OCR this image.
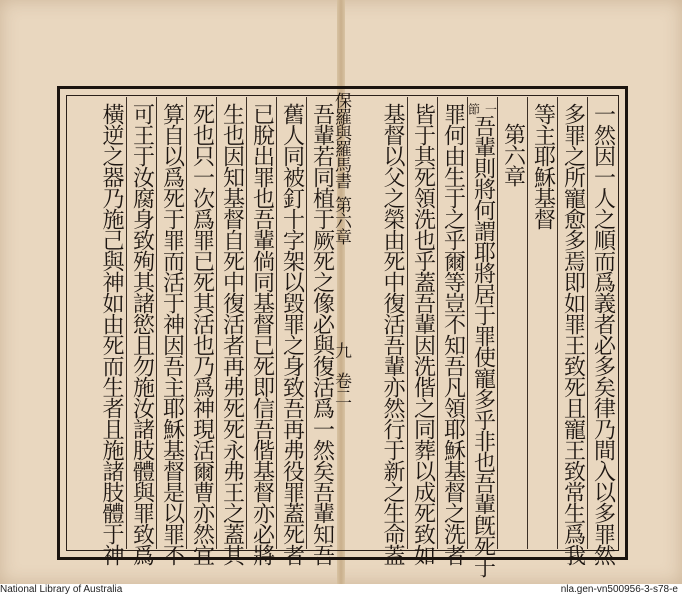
一然因一人之順而爲義者必多矣律乃間入以多罪然
多罪之所寵愈多焉即如罪王致死且寵王致常生爲我
等主耶穌基督
第六章
一節
吾輩則將何謂耶將居于罪使寵多乎非也吾輩旣死于
罪何由生于之乎爾等豈不知吾凡領耶穌基督之洗者
皆于其死領洗也乎蓋吾輩因洗偕之同葬以成死致如
基督以父之榮由死中復活吾輩亦然行于新之生命蓋
吾輩若同植于厥死之像必與復活爲一然矣吾輩知吾
舊人同被釘十字架以毀罪之身致吾再弗役罪蓋死者
已脫出罪也吾輩倘同基督已死即信吾偕基督亦必將
生也因知基督自死中復活者再弗死死永弗王之蓋其
死也只一次爲罪已死其活也乃爲神現活爾曹亦然宜
算自以爲死于罪而活于神因吾主耶穌基督是以罪不
可王于汝腐身致殉其諸慾且勿施汝諸肢體與罪致爲
橫逆之器乃施己與神如由死而生者且施諸肢體于神	保羅與羅馬書
第六章
九
卷二
National Library of Australia	nla.gen-vn500956-3-s78-e
